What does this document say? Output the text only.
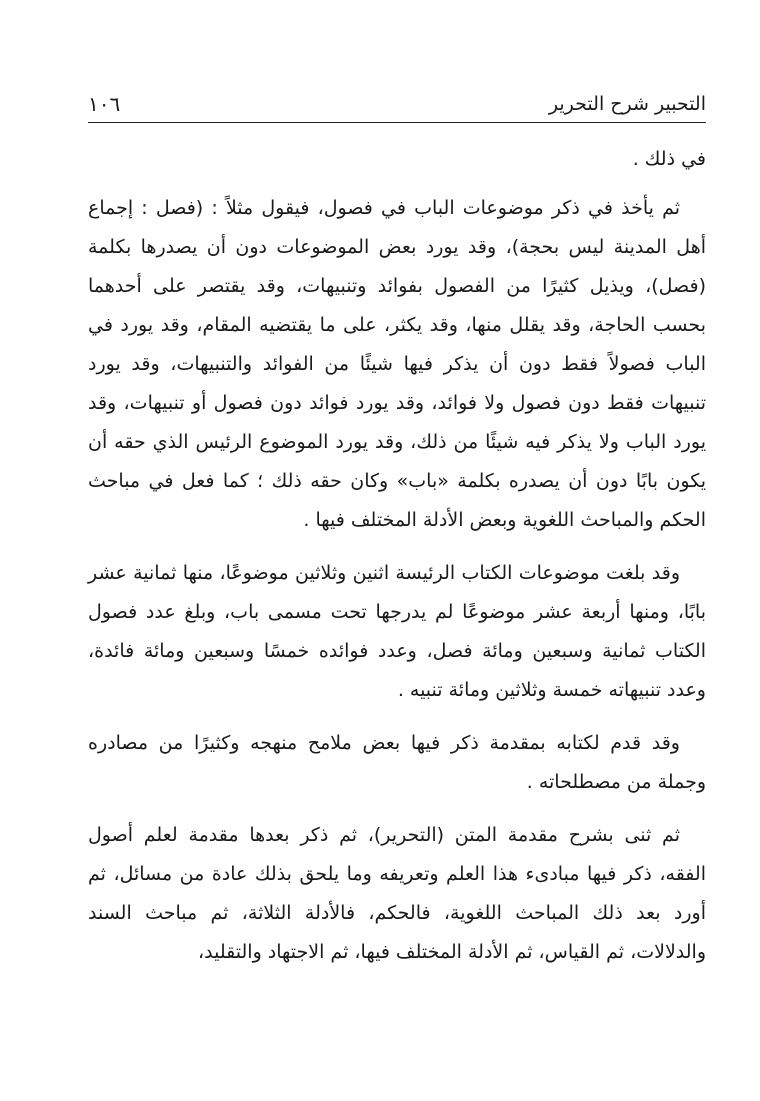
التحبير شرح التحرير
١٠٦

في ذلك .

ثم يأخذ في ذكر موضوعات الباب في فصول، فيقول مثلاً : (فصل : إجماع أهل المدينة ليس بحجة)، وقد يورد بعض الموضوعات دون أن يصدرها بكلمة (فصل)، ويذيل كثيرًا من الفصول بفوائد وتنبيهات، وقد يقتصر على أحدهما بحسب الحاجة، وقد يقلل منها، وقد يكثر، على ما يقتضيه المقام، وقد يورد في الباب فصولاً فقط دون أن يذكر فيها شيئًا من الفوائد والتنبيهات، وقد يورد تنبيهات فقط دون فصول ولا فوائد، وقد يورد فوائد دون فصول أو تنبيهات، وقد يورد الباب ولا يذكر فيه شيئًا من ذلك، وقد يورد الموضوع الرئيس الذي حقه أن يكون بابًا دون أن يصدره بكلمة «باب» وكان حقه ذلك ؛ كما فعل في مباحث الحكم والمباحث اللغوية وبعض الأدلة المختلف فيها .

وقد بلغت موضوعات الكتاب الرئيسة اثنين وثلاثين موضوعًا، منها ثمانية عشر بابًا، ومنها أربعة عشر موضوعًا لم يدرجها تحت مسمى باب، وبلغ عدد فصول الكتاب ثمانية وسبعين ومائة فصل، وعدد فوائده خمسًا وسبعين ومائة فائدة، وعدد تنبيهاته خمسة وثلاثين ومائة تنبيه .

وقد قدم لكتابه بمقدمة ذكر فيها بعض ملامح منهجه وكثيرًا من مصادره وجملة من مصطلحاته .

ثم ثنى بشرح مقدمة المتن (التحرير)، ثم ذكر بعدها مقدمة لعلم أصول الفقه، ذكر فيها مبادىء هذا العلم وتعريفه وما يلحق بذلك عادة من مسائل، ثم أورد بعد ذلك المباحث اللغوية، فالحكم، فالأدلة الثلاثة، ثم مباحث السند والدلالات، ثم القياس، ثم الأدلة المختلف فيها، ثم الاجتهاد والتقليد،
